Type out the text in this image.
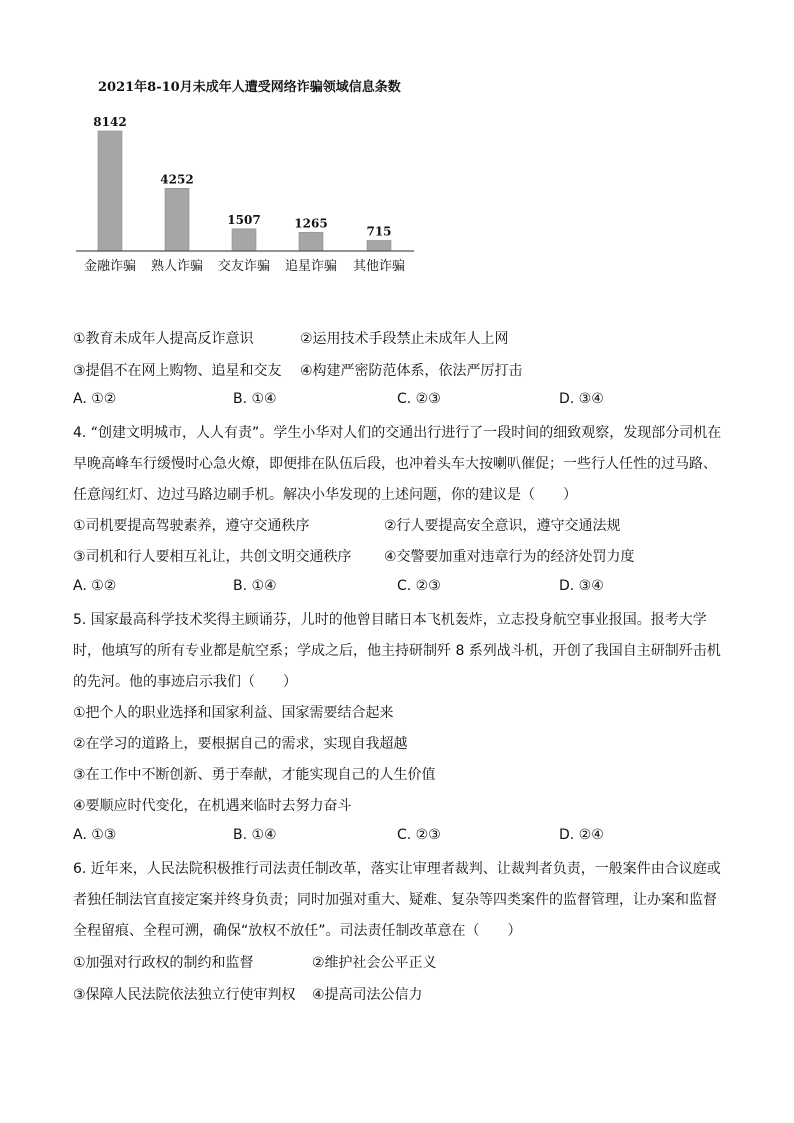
2021年8-10月未成年人遭受网络诈骗领域信息条数
8142
金融诈骗
4252
熟人诈骗
1507
交友诈骗
1265
追星诈骗
715
其他诈骗
①教育未成年人提高反诈意识	②运用技术手段禁止未成年人上网
③提倡不在网上购物、追星和交友 ④构建严密防范体系，依法严厉打击
A. ①②	B. ①④	C. ②③	D. ③④
4. “创建文明城市，人人有责”。学生小华对人们的交通出行进行了一段时间的细致观察，发现部分司机在
早晚高峰车行缓慢时心急火燎，即便排在队伍后段，也冲着头车大按喇叭催促；一些行人任性的过马路、
任意闯红灯、边过马路边刷手机。解决小华发现的上述问题，你的建议是（　　）
①司机要提高驾驶素养，遵守交通秩序	②行人要提高安全意识，遵守交通法规
③司机和行人要相互礼让，共创文明交通秩序 ④交警要加重对违章行为的经济处罚力度
A. ①②	B. ①④	C. ②③	D. ③④
5. 国家最高科学技术奖得主顾诵芬，儿时的他曾目睹日本飞机轰炸，立志投身航空事业报国。报考大学
时，他填写的所有专业都是航空系；学成之后，他主持研制歼 8 系列战斗机，开创了我国自主研制歼击机
的先河。他的事迹启示我们（　　）
①把个人的职业选择和国家利益、国家需要结合起来
②在学习的道路上，要根据自己的需求，实现自我超越
③在工作中不断创新、勇于奉献，才能实现自己的人生价值
④要顺应时代变化，在机遇来临时去努力奋斗
A. ①③	B. ①④	C. ②③	D. ②④
6. 近年来，人民法院积极推行司法责任制改革，落实让审理者裁判、让裁判者负责，一般案件由合议庭或
者独任制法官直接定案并终身负责；同时加强对重大、疑难、复杂等四类案件的监督管理，让办案和监督
全程留痕、全程可溯，确保“放权不放任”。司法责任制改革意在（　　）
①加强对行政权的制约和监督	②维护社会公平正义
③保障人民法院依法独立行使审判权 ④提高司法公信力
